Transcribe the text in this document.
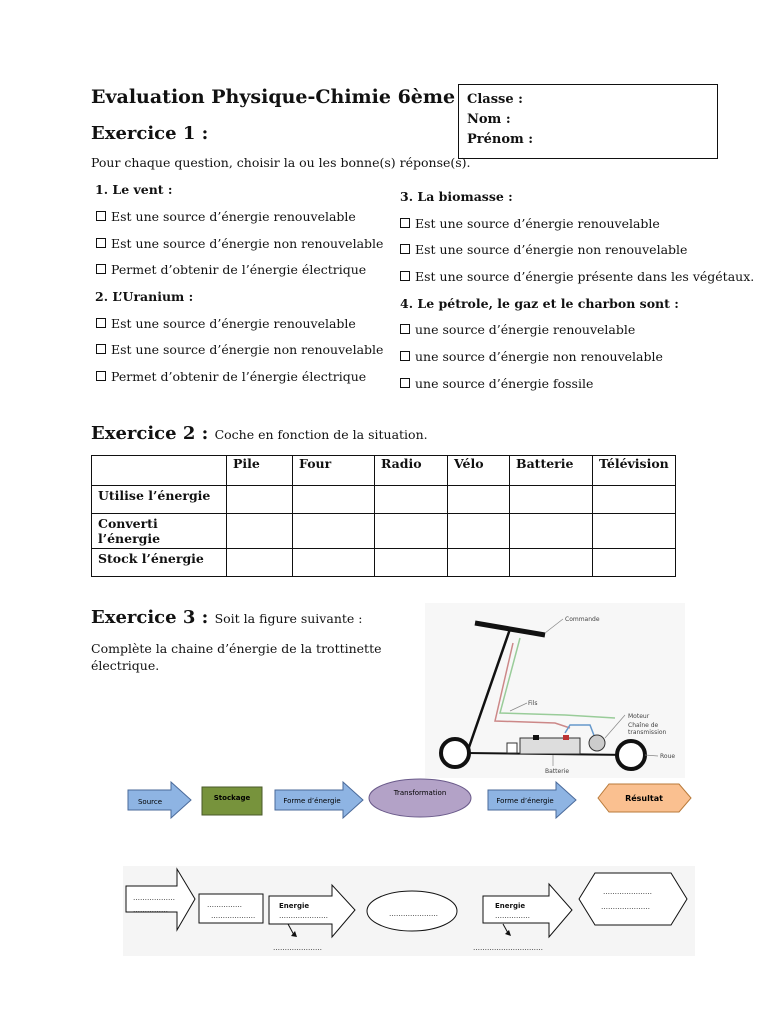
Evaluation Physique-Chimie 6ème Classe :
Nom :
Prénom :
Exercice 1 :
Pour chaque question, choisir la ou les bonne(s) réponse(s).
1. Le vent :
Est une source d’énergie renouvelable
Est une source d’énergie non renouvelable
Permet d’obtenir de l’énergie électrique
2. L’Uranium :
Est une source d’énergie renouvelable
Est une source d’énergie non renouvelable
Permet d’obtenir de l’énergie électrique
3. La biomasse :
Est une source d’énergie renouvelable
Est une source d’énergie non renouvelable
Est une source d’énergie présente dans les végétaux.
4. Le pétrole, le gaz et le charbon sont :
une source d’énergie renouvelable
une source d’énergie non renouvelable
une source d’énergie fossile
Exercice 2 : Coche en fonction de la situation.
	Pile	Four	Radio	Vélo	Batterie	Télévision
Utilise l’énergie						
Converti l’énergie						
Stock l’énergie						
Exercice 3 : Soit la figure suivante :
Complète la chaine d’énergie de la trottinette
électrique.
Commande
Fils
Moteur
Chaîne de
transmission
Roue
Batterie
Source	Stockage	Forme d’énergie
Transformation
Forme d’énergie	Résultat
………………
……………
……………
……………….
Energie
…………………	…………………
Energie
……………
…………………
…………………
…………………	…………………………
